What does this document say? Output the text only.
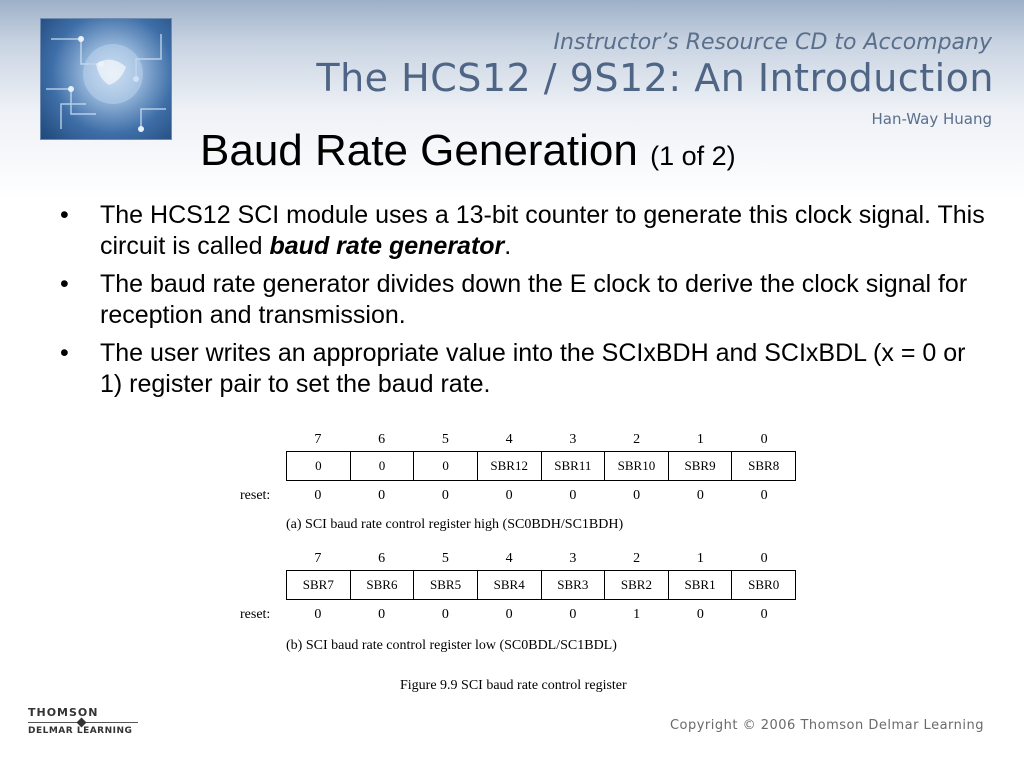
Instructor’s Resource CD to Accompany
The HCS12 / 9S12: An Introduction
Han-Way Huang
Baud Rate Generation (1 of 2)
• The HCS12 SCI module uses a 13-bit counter to generate this clock signal. This circuit is called baud rate generator.
• The baud rate generator divides down the E clock to derive the clock signal for reception and transmission.
• The user writes an appropriate value into the SCIxBDH and SCIxBDL (x = 0 or 1) register pair to set the baud rate.
7	6	5	4	3	2	1	0
0	0	0	SBR12	SBR11	SBR10	SBR9	SBR8
reset:	0	0	0	0	0	0	0	0
(a) SCI baud rate control register high (SC0BDH/SC1BDH)
7	6	5	4	3	2	1	0
SBR7	SBR6	SBR5	SBR4	SBR3	SBR2	SBR1	SBR0
reset:	0	0	0	0	0	1	0	0
(b) SCI baud rate control register low (SC0BDL/SC1BDL)
Figure 9.9 SCI baud rate control register
THOMSON
DELMAR LEARNING	Copyright © 2006 Thomson Delmar Learning
